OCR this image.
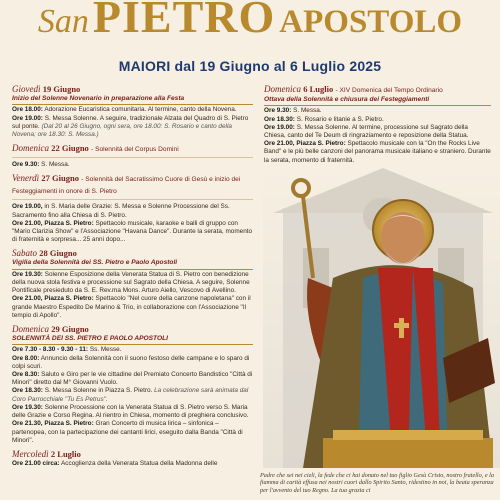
San PIETRO APOSTOLO
MAIORI dal 19 Giugno al 6 Luglio 2025
Giovedì 19 Giugno
Inizio del Solenne Novenario in preparazione alla Festa
Ore 18.00: Adorazione Eucaristica comunitaria. Al termine, canto della Novena.
Ore 19.00: S. Messa Solenne. A seguire, tradizionale Alzata del Quadro di S. Pietro sul ponte. (Dal 20 al 26 Giugno, ogni sera, ore 18.00: S. Rosario e canto della Novena; ore 18.30: S. Messa.)
Domenica 22 Giugno - Solennità del Corpus Domini
Ore 9.30: S. Messa.
Venerdì 27 Giugno - Solennità del Sacratissimo Cuore di Gesù e inizio dei Festeggiamenti in onore di S. Pietro
Ore 19.00, in S. Maria delle Grazie: S. Messa e Solenne Processione del Ss. Sacramento fino alla Chiesa di S. Pietro.
Ore 21.00, Piazza S. Pietro: Spettacolo musicale, karaoke e balli di gruppo con "Mario Clarizia Show" e l'Associazione "Havana Dance". Durante la serata, momento di fraternità e sorpresa... 25 anni dopo...
Sabato 28 Giugno
Vigilia della Solennità dei SS. Pietro e Paolo Apostoli
Ore 19.30: Solenne Esposizione della Venerata Statua di S. Pietro con benedizione della nuova stola festiva e processione sul Sagrato della Chiesa. A seguire, Solenne Pontificale presieduto da S. E. Rev.ma Mons. Arturo Aiello, Vescovo di Avellino.
Ore 21.00, Piazza S. Pietro: Spettacolo "Nel cuore della canzone napoletana" con il grande Maestro Espedito De Marino & Trio, in collaborazione con l'Associazione "Il tempio di Apollo".
Domenica 29 Giugno
SOLENNITÀ DEI SS. PIETRO E PAOLO APOSTOLI
Ore 7.30 - 8.30 - 9.30 - 11: Ss. Messe.
Ore 8.00: Annuncio della Solennità con il suono festoso delle campane e lo sparo di colpi scuri.
Ore 8.30: Saluto e Giro per le vie cittadine del Premiato Concerto Bandistico "Città di Minori" diretto dal M° Giovanni Vuolo.
Ore 18.30: S. Messa Solenne in Piazza S. Pietro. La celebrazione sarà animata dal Coro Parrocchiale "Tu Es Petrus".
Ore 19.30: Solenne Processione con la Venerata Statua di S. Pietro verso S. Maria delle Grazie e Corso Regina. Al rientro in Chiesa, momento di preghiera conclusivo.
Ore 21.30, Piazza S. Pietro: Gran Concerto di musica lirica – sinfonica – partenopea, con la partecipazione dei cantanti lirici, eseguito dalla Banda "Città di Minori".
Mercoledì 2 Luglio
Ore 21.00 circa: Accoglienza della Venerata Statua della Madonna delle
Domenica 6 Luglio - XIV Domenica del Tempo Ordinario
Ottava della Solennità e chiusura dei Festeggiamenti
Ore 9.30: S. Messa.
Ore 18.30: S. Rosario e litanie a S. Pietro.
Ore 19.00: S. Messa Solenne. Al termine, processione sul Sagrato della Chiesa, canto del Te Deum di ringraziamento e reposizione della Statua.
Ore 21.00, Piazza S. Pietro: Spettacolo musicale con la "On the Rocks Live Band" e le più belle canzoni del panorama musicale italiano e straniero. Durante la serata, momento di fraternità.
Padre che sei nei cieli, la fede che ci hai donato nel tuo figlio Gesù Cristo, nostro fratello, e la fiamma di carità effusa nei nostri cuori dallo Spirito Santo, ridestino in noi, la beata speranza per l'avvento del tuo Regno. La tua grazia ci
